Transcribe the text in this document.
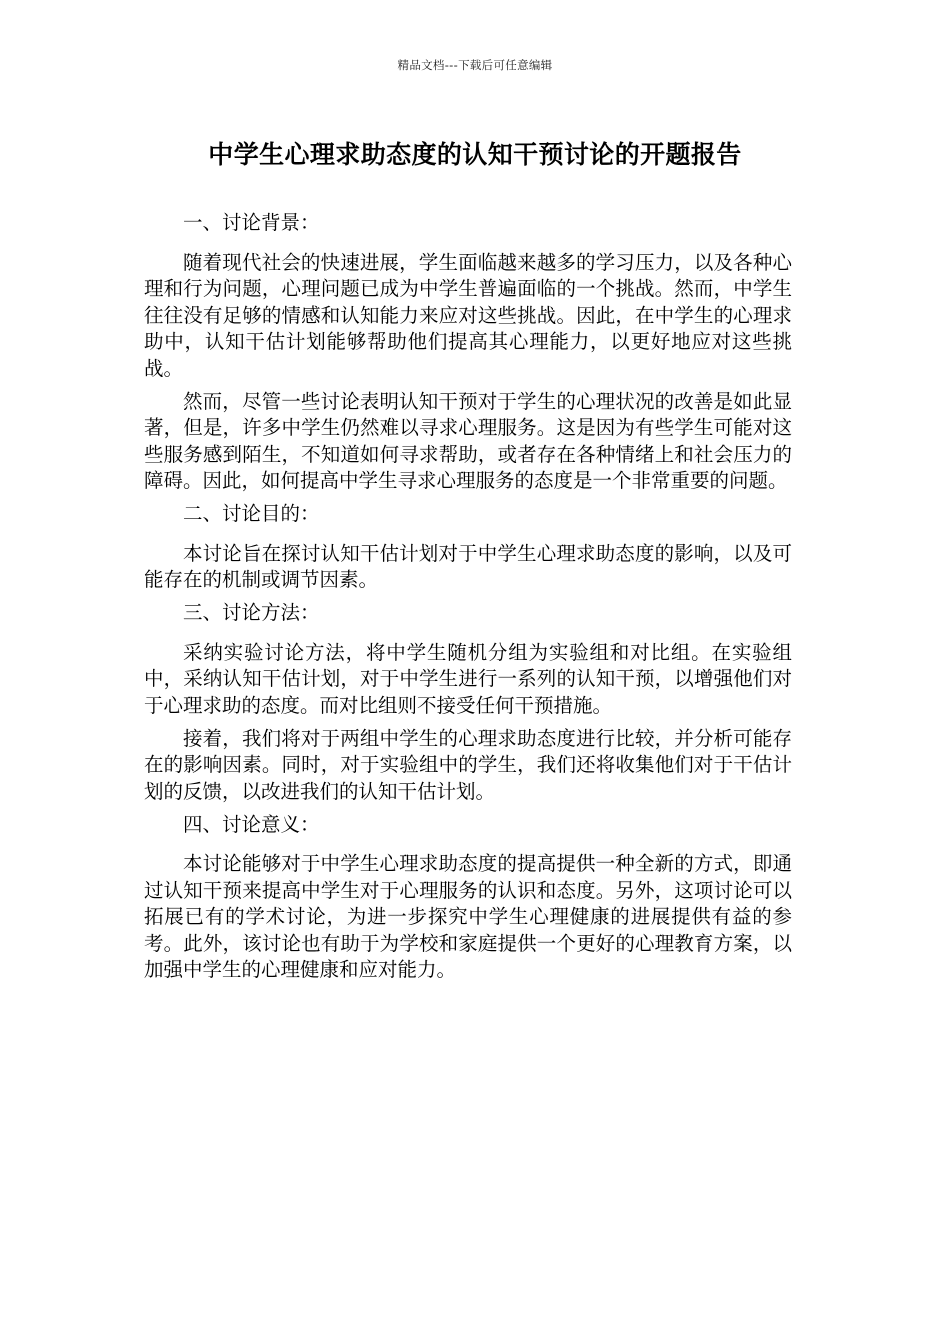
精品文档---下载后可任意编辑
中学生心理求助态度的认知干预讨论的开题报告

一、讨论背景：

随着现代社会的快速进展，学生面临越来越多的学习压力，以及各种心理和行为问题，心理问题已成为中学生普遍面临的一个挑战。然而，中学生往往没有足够的情感和认知能力来应对这些挑战。因此，在中学生的心理求助中，认知干估计划能够帮助他们提高其心理能力，以更好地应对这些挑战。

然而，尽管一些讨论表明认知干预对于学生的心理状况的改善是如此显著，但是，许多中学生仍然难以寻求心理服务。这是因为有些学生可能对这些服务感到陌生，不知道如何寻求帮助，或者存在各种情绪上和社会压力的障碍。因此，如何提高中学生寻求心理服务的态度是一个非常重要的问题。

二、讨论目的：

本讨论旨在探讨认知干估计划对于中学生心理求助态度的影响，以及可能存在的机制或调节因素。

三、讨论方法：

采纳实验讨论方法，将中学生随机分组为实验组和对比组。在实验组中，采纳认知干估计划，对于中学生进行一系列的认知干预，以增强他们对于心理求助的态度。而对比组则不接受任何干预措施。

接着，我们将对于两组中学生的心理求助态度进行比较，并分析可能存在的影响因素。同时，对于实验组中的学生，我们还将收集他们对于干估计划的反馈，以改进我们的认知干估计划。

四、讨论意义：

本讨论能够对于中学生心理求助态度的提高提供一种全新的方式，即通过认知干预来提高中学生对于心理服务的认识和态度。另外，这项讨论可以拓展已有的学术讨论，为进一步探究中学生心理健康的进展提供有益的参考。此外，该讨论也有助于为学校和家庭提供一个更好的心理教育方案，以加强中学生的心理健康和应对能力。
